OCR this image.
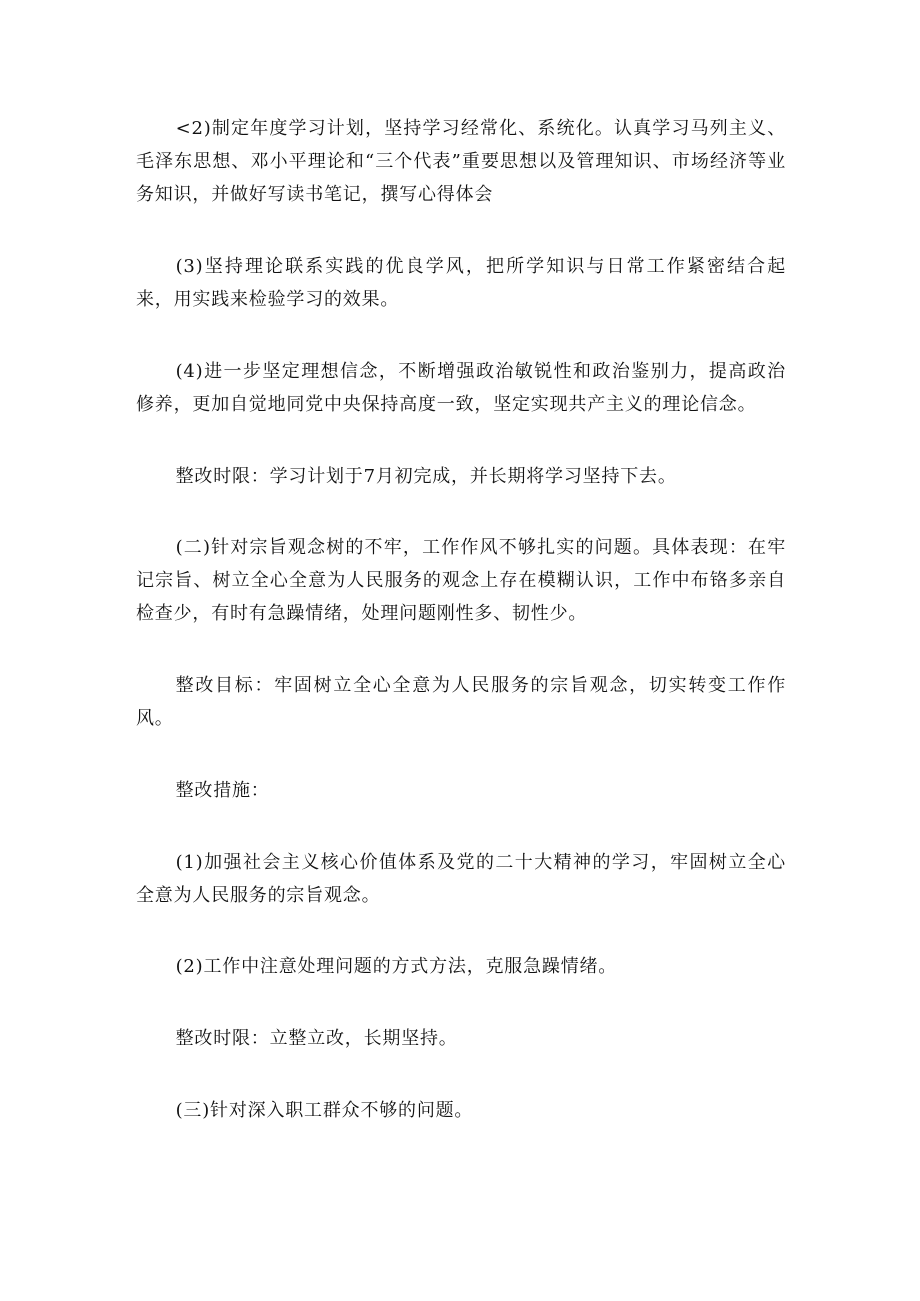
<2)制定年度学习计划，坚持学习经常化、系统化。认真学习马列主义、毛泽东思想、邓小平理论和“三个代表”重要思想以及管理知识、市场经济等业务知识，并做好写读书笔记，撰写心得体会

(3)坚持理论联系实践的优良学风，把所学知识与日常工作紧密结合起来，用实践来检验学习的效果。

(4)进一步坚定理想信念，不断增强政治敏锐性和政治鉴别力，提高政治修养，更加自觉地同党中央保持高度一致，坚定实现共产主义的理论信念。

整改时限：学习计划于7月初完成，并长期将学习坚持下去。

(二)针对宗旨观念树的不牢，工作作风不够扎实的问题。具体表现：在牢记宗旨、树立全心全意为人民服务的观念上存在模糊认识，工作中布铬多亲自检查少，有时有急躁情绪，处理问题刚性多、韧性少。

整改目标：牢固树立全心全意为人民服务的宗旨观念，切实转变工作作风。

整改措施：

(1)加强社会主义核心价值体系及党的二十大精神的学习，牢固树立全心全意为人民服务的宗旨观念。

(2)工作中注意处理问题的方式方法，克服急躁情绪。

整改时限：立整立改，长期坚持。

(三)针对深入职工群众不够的问题。
